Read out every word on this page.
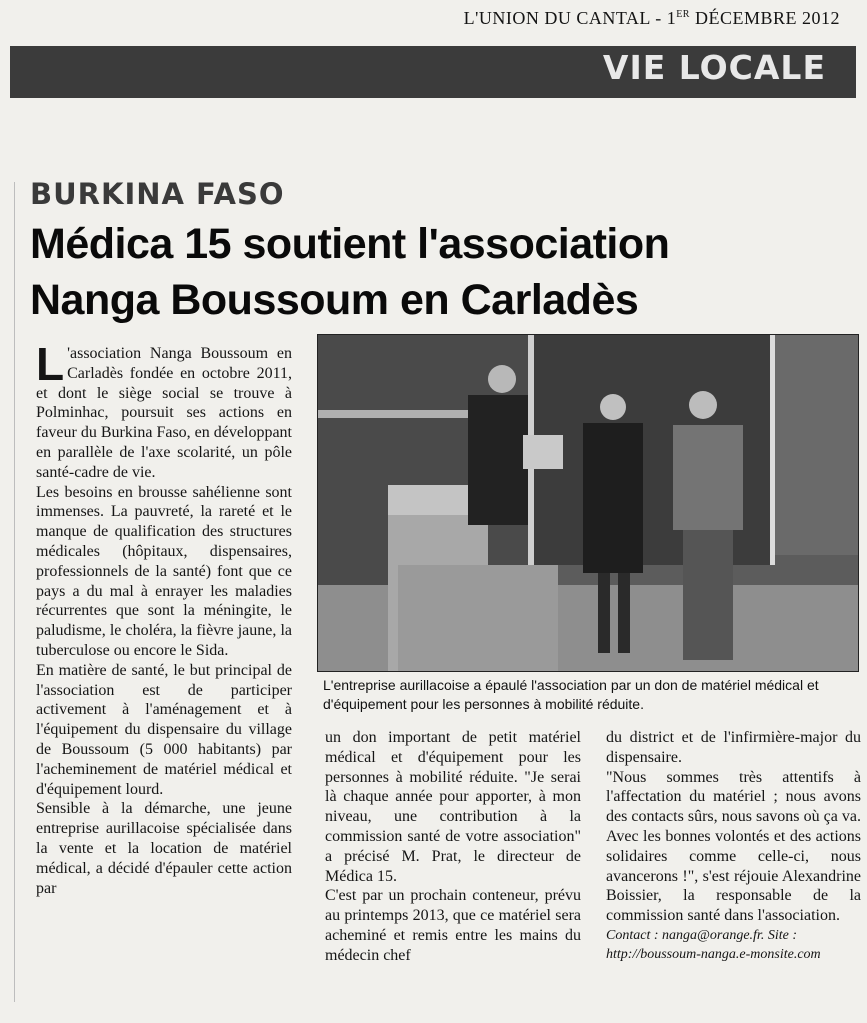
L'UNION DU CANTAL - 1ER DÉCEMBRE 2012
VIE LOCALE
BURKINA FASO
Médica 15 soutient l'association
Nanga Boussoum en Carladès
L'entreprise aurillacoise a épaulé l'association par un don de matériel médical et d'équipement pour les personnes à mobilité réduite.

L 'association Nanga Boussoum en Carladès fondée en octobre 2011, et dont le siège social se trouve à Polminhac, poursuit ses actions en faveur du Burkina Faso, en développant en parallèle de l'axe scolarité, un pôle santé-cadre de vie.

Les besoins en brousse sahélienne sont immenses. La pauvreté, la rareté et le manque de qualification des structures médicales (hôpitaux, dispensaires, professionnels de la santé) font que ce pays a du mal à enrayer les maladies récurrentes que sont la méningite, le paludisme, le choléra, la fièvre jaune, la tuberculose ou encore le Sida.

En matière de santé, le but principal de l'association est de participer activement à l'aménagement et à l'équipement du dispensaire du village de Boussoum (5 000 habitants) par l'acheminement de matériel médical et d'équipement lourd.

Sensible à la démarche, une jeune entreprise aurillacoise spécialisée dans la vente et la location de matériel médical, a décidé d'épauler cette action par

un don important de petit matériel médical et d'équipement pour les personnes à mobilité réduite. "Je serai là chaque année pour apporter, à mon niveau, une contribution à la commission santé de votre association" a précisé M. Prat, le directeur de Médica 15.

C'est par un prochain conteneur, prévu au printemps 2013, que ce matériel sera acheminé et remis entre les mains du médecin chef

du district et de l'infirmière-major du dispensaire.

"Nous sommes très attentifs à l'affectation du matériel ; nous avons des contacts sûrs, nous savons où ça va. Avec les bonnes volontés et des actions solidaires comme celle-ci, nous avancerons !", s'est réjouie Alexandrine Boissier, la responsable de la commission santé dans l'association.

Contact : nanga@orange.fr. Site : http://boussoum-nanga.e-monsite.com
